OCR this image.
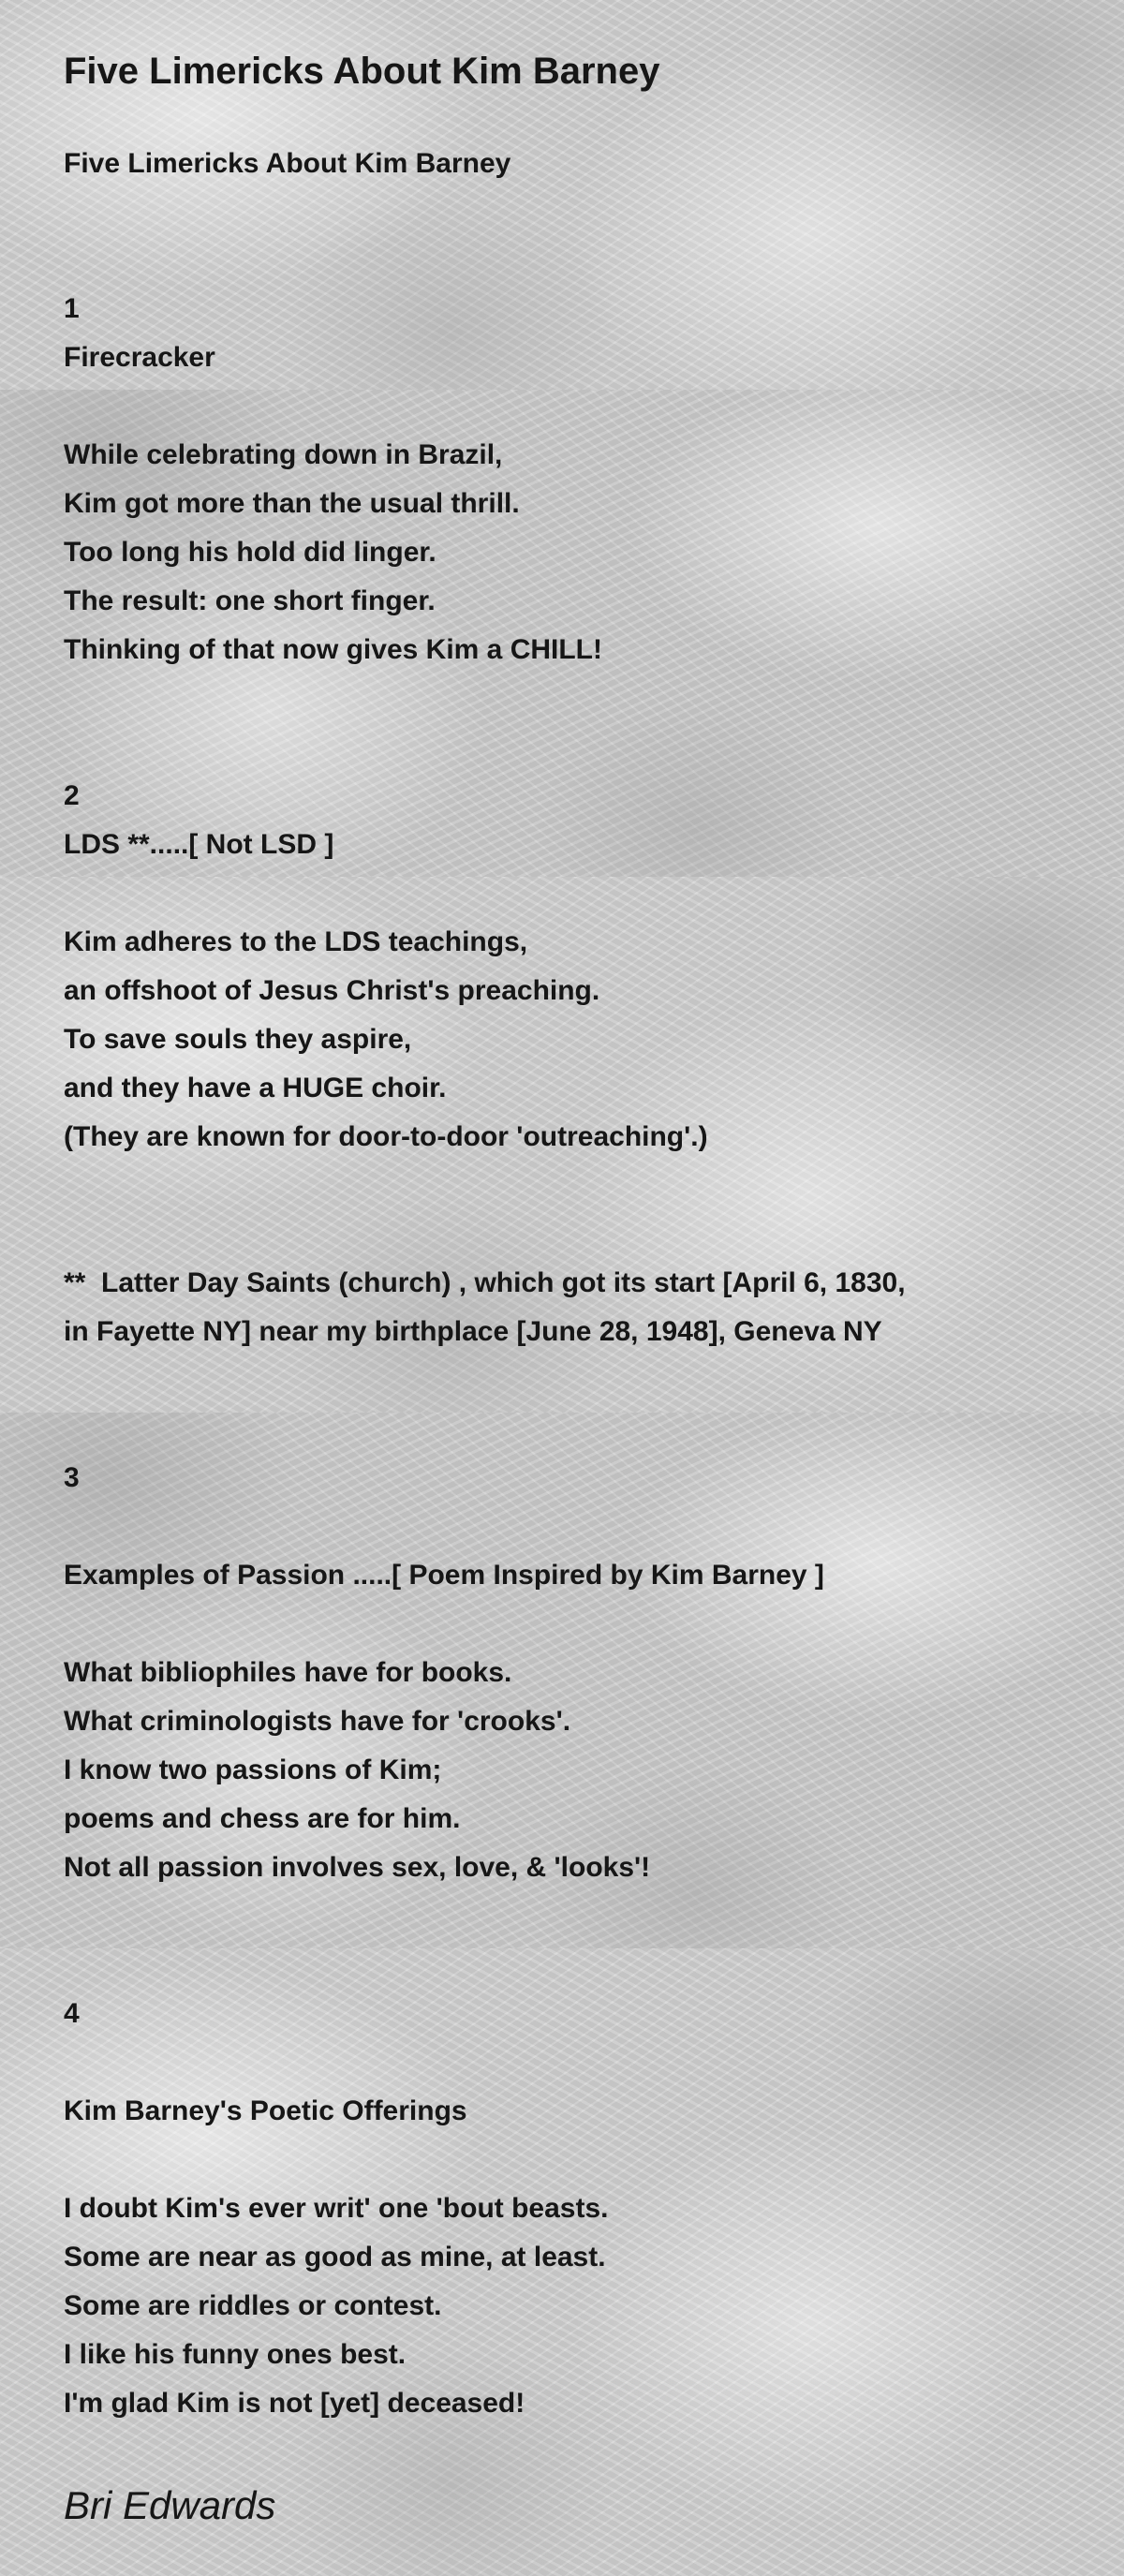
Five Limericks About Kim Barney
Five Limericks About Kim Barney
1
Firecracker
While celebrating down in Brazil,
Kim got more than the usual thrill.
Too long his hold did linger.
The result: one short finger.
Thinking of that now gives Kim a CHILL!
2
LDS **.....[ Not LSD ]
Kim adheres to the LDS teachings,
an offshoot of Jesus Christ's preaching.
To save souls they aspire,
and they have a HUGE choir.
(They are known for door-to-door 'outreaching'.)
**  Latter Day Saints (church) , which got its start [April 6, 1830,
in Fayette NY] near my birthplace [June 28, 1948], Geneva NY
3
Examples of Passion .....[ Poem Inspired by Kim Barney ]
What bibliophiles have for books.
What criminologists have for 'crooks'.
I know two passions of Kim;
poems and chess are for him.
Not all passion involves sex, love, & 'looks'!
4
Kim Barney's Poetic Offerings
I doubt Kim's ever writ' one 'bout beasts.
Some are near as good as mine, at least.
Some are riddles or contest.
I like his funny ones best.
I'm glad Kim is not [yet] deceased!
Bri Edwards
